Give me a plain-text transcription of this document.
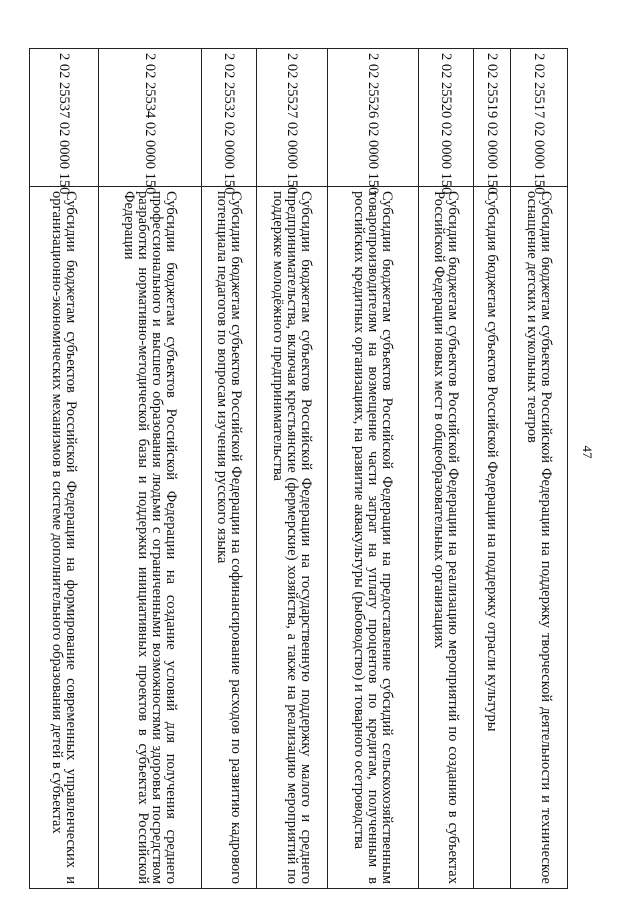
47
2 02 25517 02 0000 150	Субсидии бюджетам субъектов Российской Федерации на поддержку творческой деятельности и техническое оснащение детских и кукольных театров

2 02 25519 02 0000 150	Субсидия бюджетам субъектов Российской Федерации на поддержку отрасли культуры

2 02 25520 02 0000 150	Субсидии бюджетам субъектов Российской Федерации на реализацию мероприятий по созданию в субъектах Российской Федерации новых мест в общеобразовательных организациях

2 02 25526 02 0000 150	Субсидии бюджетам субъектов Российской Федерации на предоставление субсидий сельскохозяйственным товаропроизводителям на возмещение части затрат на уплату процентов по кредитам, полученным в российских кредитных организациях, на развитие аквакультуры (рыбоводство) и товарного осетроводства

2 02 25527 02 0000 150	Субсидии бюджетам субъектов Российской Федерации на государственную поддержку малого и среднего предпринимательства, включая крестьянские (фермерские) хозяйства, а также на реализацию мероприятий по поддержке молодёжного предпринимательства

2 02 25532 02 0000 150	Субсидии бюджетам субъектов Российской Федерации на софинансирование расходов по развитию кадрового потенциала педагогов по вопросам изучения русского языка

2 02 25534 02 0000 150	Субсидии бюджетам субъектов Российской Федерации на создание условий для получения среднего профессионального и высшего образования людьми с ограниченными возможностями здоровья посредством разработки нормативно-методической базы и поддержки инициативных проектов в субъектах Российской Федерации

2 02 25537 02 0000 150	Субсидии бюджетам субъектов Российской Федерации на формирование современных управленческих и организационно-экономических механизмов в системе дополнительного образования детей в субъектах
